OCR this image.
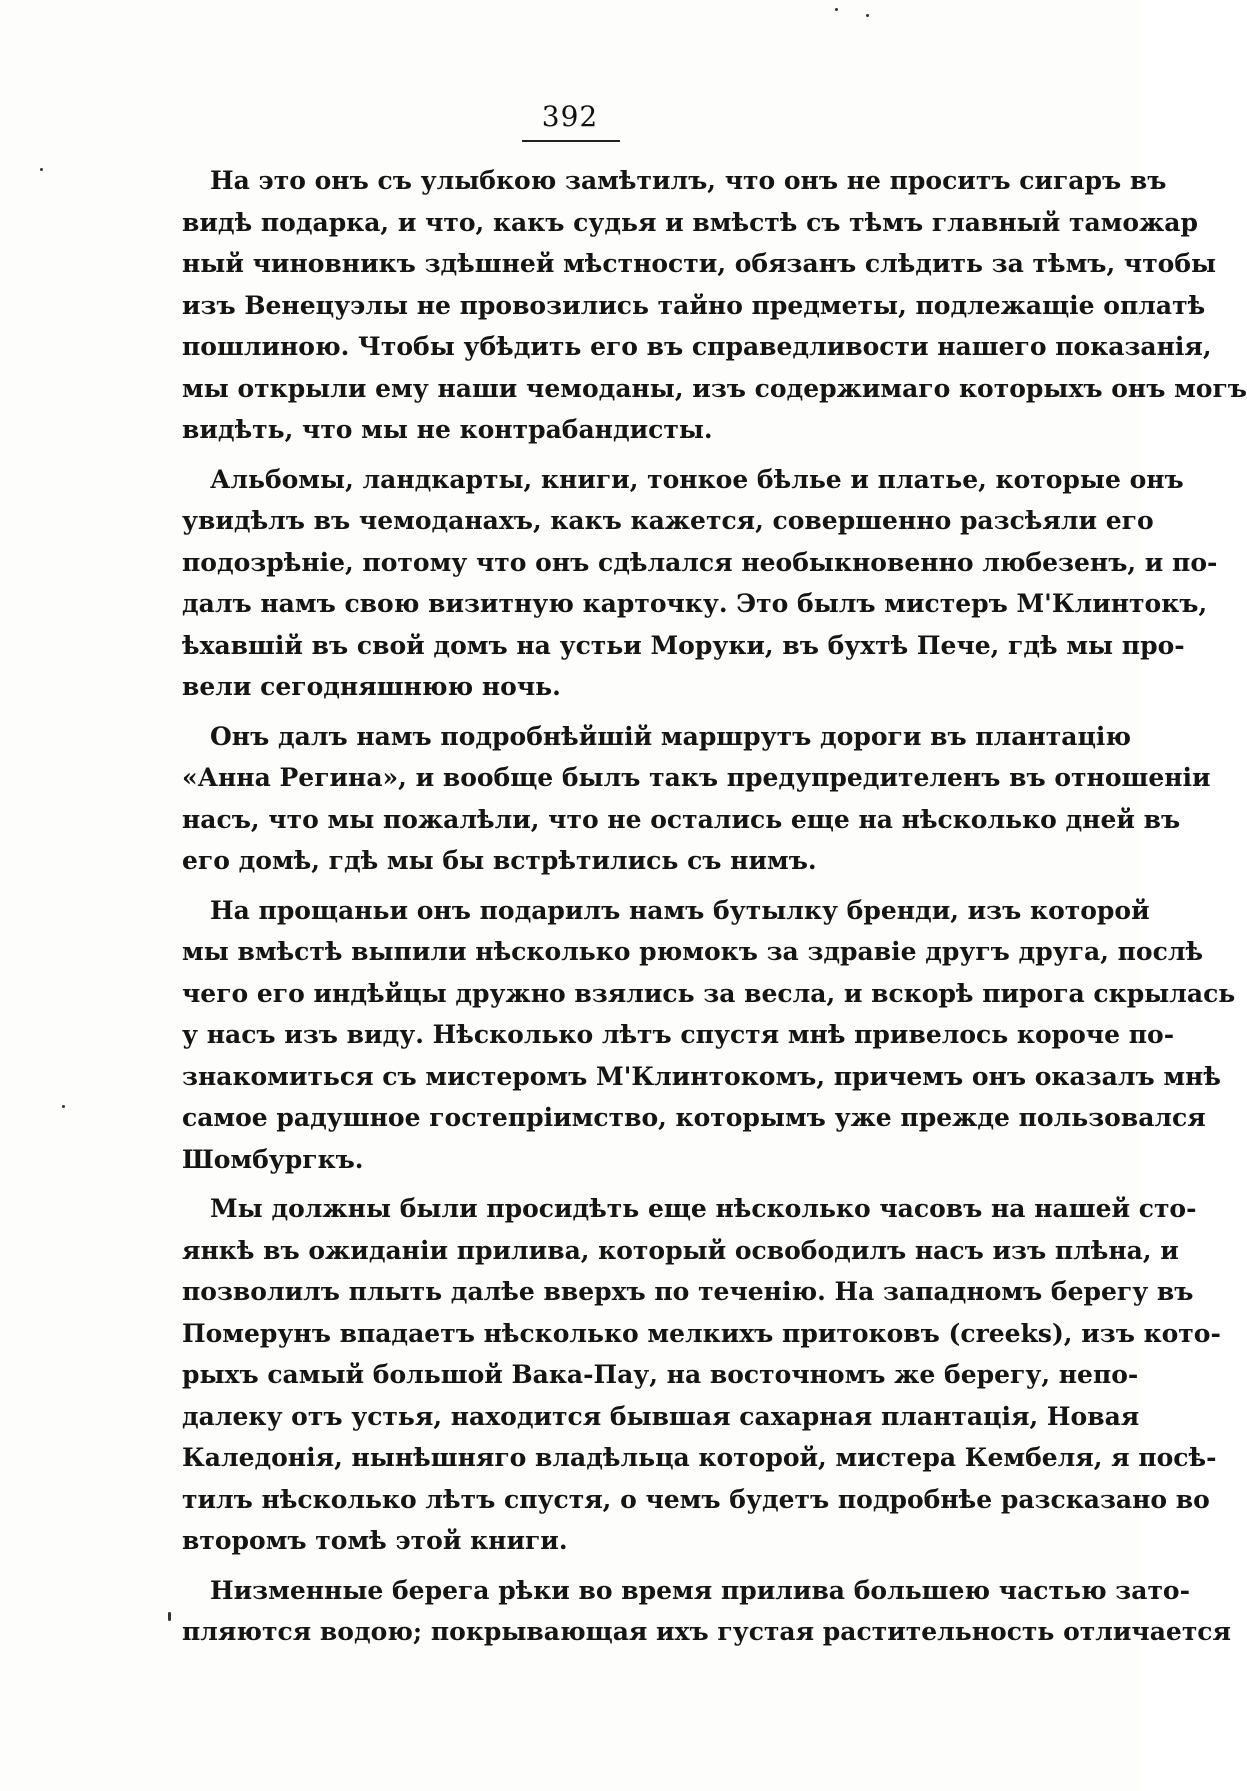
392
На это онъ съ улыбкою замѣтилъ, что онъ не проситъ сигаръ въ
видѣ подарка, и что, какъ судья и вмѣстѣ съ тѣмъ главный таможар
ный чиновникъ здѣшней мѣстности, обязанъ слѣдить за тѣмъ, чтобы
изъ Венецуэлы не провозились тайно предметы, подлежащіе оплатѣ
пошлиною. Чтобы убѣдить его въ справедливости нашего показанія,
мы открыли ему наши чемоданы, изъ содержимаго которыхъ онъ могъ
видѣть, что мы не контрабандисты.
Альбомы, ландкарты, книги, тонкое бѣлье и платье, которые онъ
увидѣлъ въ чемоданахъ, какъ кажется, совершенно разсѣяли его
подозрѣніе, потому что онъ сдѣлался необыкновенно любезенъ, и по-
далъ намъ свою визитную карточку. Это былъ мистеръ М'Клинтокъ,
ѣхавшій въ свой домъ на устьи Моруки, въ бухтѣ Пече, гдѣ мы про-
вели сегодняшнюю ночь.
Онъ далъ намъ подробнѣйшій маршрутъ дороги въ плантацію
«Анна Регина», и вообще былъ такъ предупредителенъ въ отношеніи
насъ, что мы пожалѣли, что не остались еще на нѣсколько дней въ
его домѣ, гдѣ мы бы встрѣтились съ нимъ.
На прощаньи онъ подарилъ намъ бутылку бренди, изъ которой
мы вмѣстѣ выпили нѣсколько рюмокъ за здравіе другъ друга, послѣ
чего его индѣйцы дружно взялись за весла, и вскорѣ пирога скрылась
у насъ изъ виду. Нѣсколько лѣтъ спустя мнѣ привелось короче по-
знакомиться съ мистеромъ М'Клинтокомъ, причемъ онъ оказалъ мнѣ
самое радушное гостепріимство, которымъ уже прежде пользовался
Шомбургкъ.
Мы должны были просидѣть еще нѣсколько часовъ на нашей сто-
янкѣ въ ожиданіи прилива, который освободилъ насъ изъ плѣна, и
позволилъ плыть далѣе вверхъ по теченію. На западномъ берегу въ
Померунъ впадаетъ нѣсколько мелкихъ притоковъ (creeks), изъ кото-
рыхъ самый большой Вака-Пау, на восточномъ же берегу, непо-
далеку отъ устья, находится бывшая сахарная плантація, Новая
Каледонія, нынѣшняго владѣльца которой, мистера Кембеля, я посѣ-
тилъ нѣсколько лѣтъ спустя, о чемъ будетъ подробнѣе разсказано во
второмъ томѣ этой книги.
Низменные берега рѣки во время прилива большею частью зато-
пляются водою; покрывающая ихъ густая растительность отличается
